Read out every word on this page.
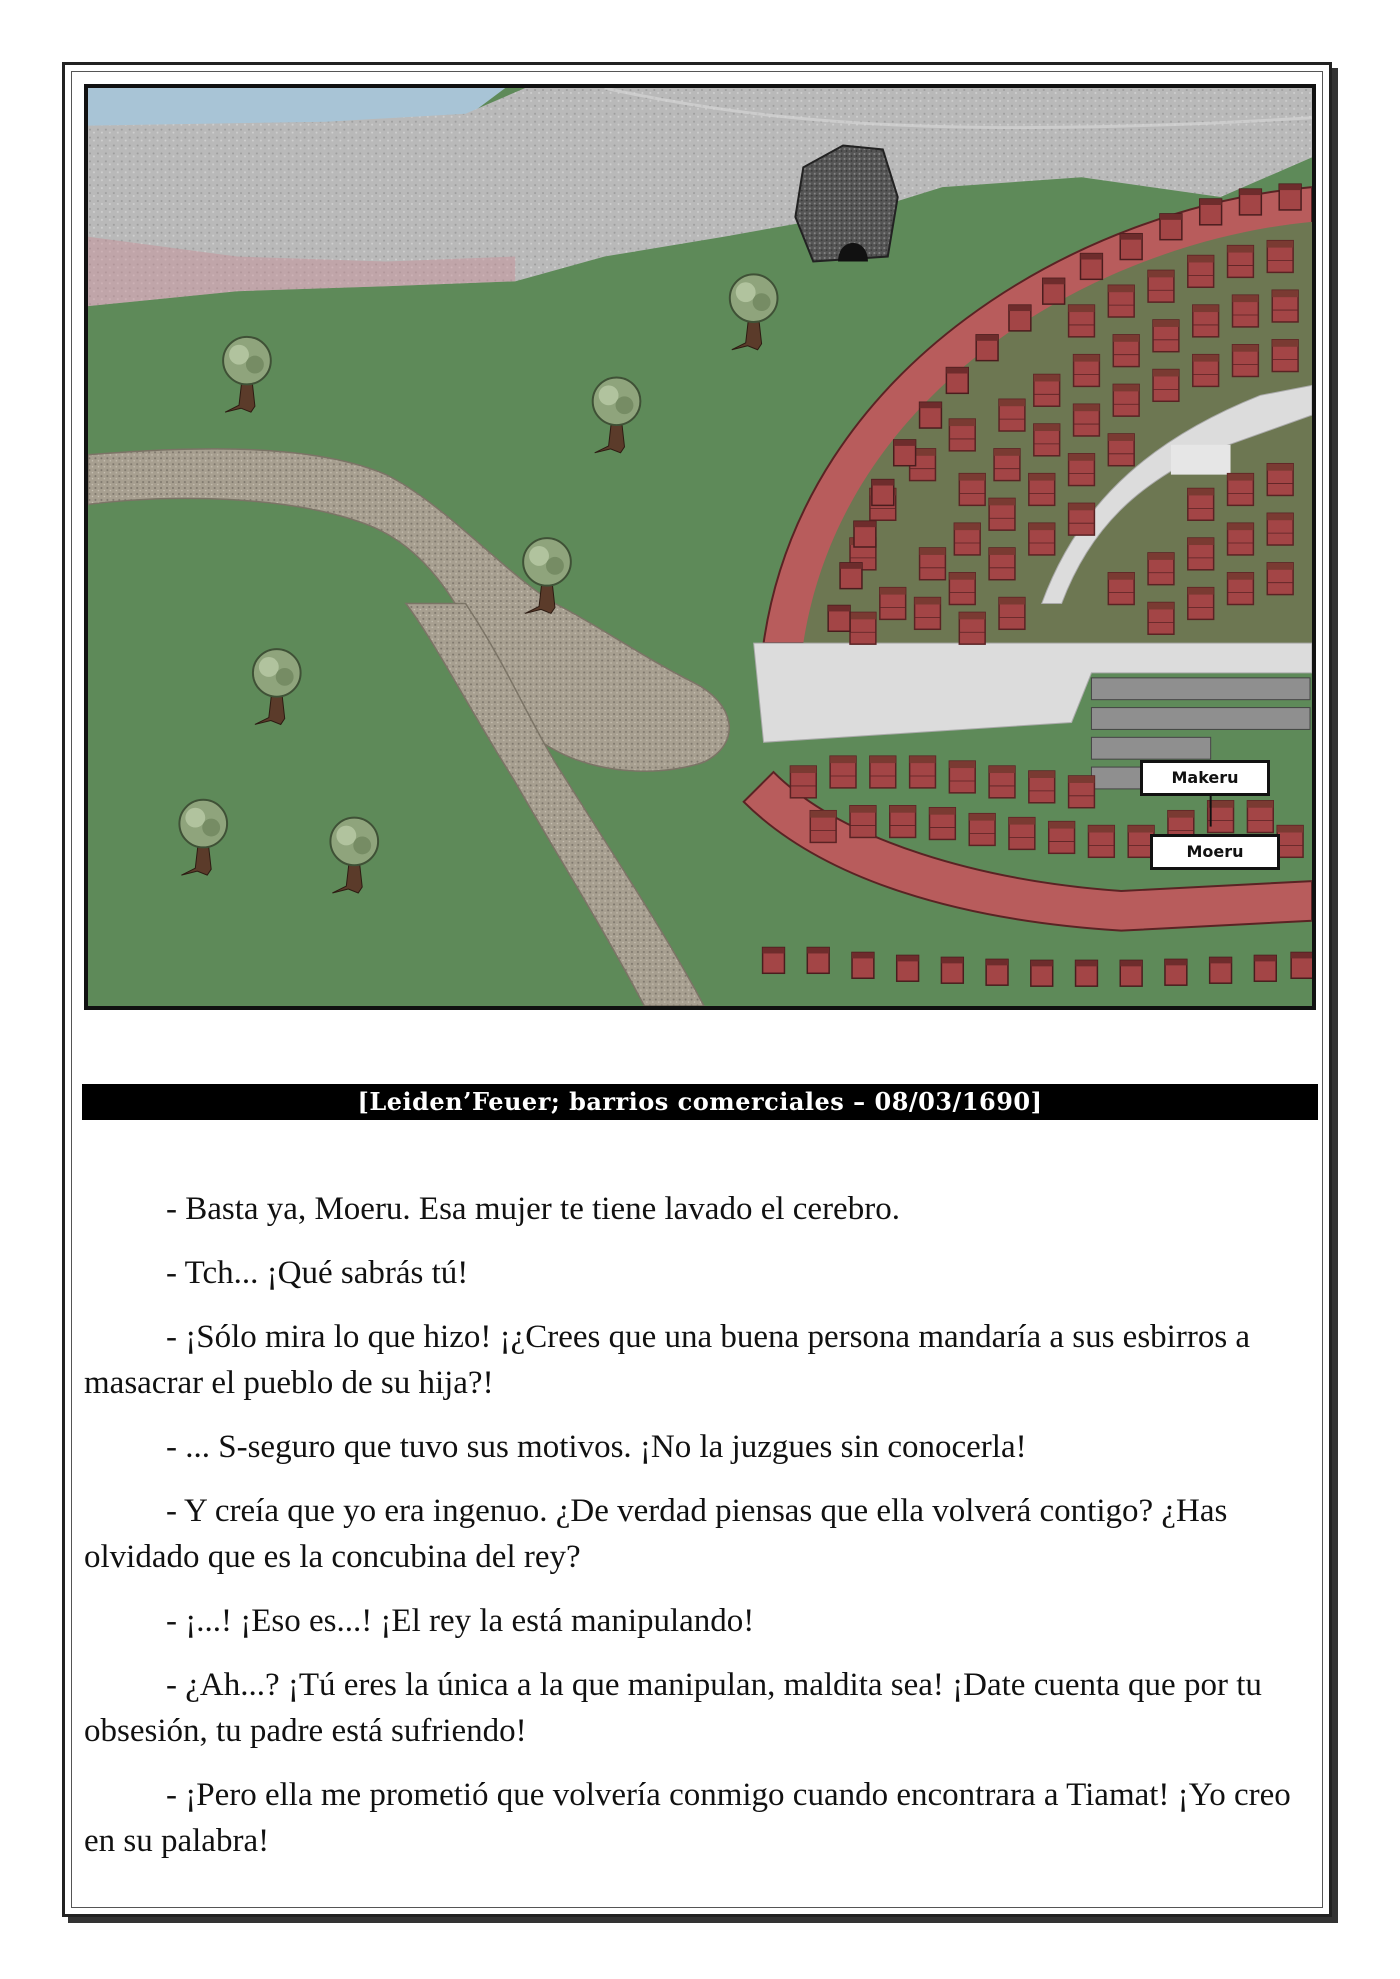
Makeru
Moeru
[Leiden’Feuer; barrios comerciales – 08/03/1690]

- Basta ya, Moeru. Esa mujer te tiene lavado el cerebro.

- Tch... ¡Qué sabrás tú!

- ¡Sólo mira lo que hizo! ¡¿Crees que una buena persona mandaría a sus esbirros a masacrar el pueblo de su hija?!

- ... S-seguro que tuvo sus motivos. ¡No la juzgues sin conocerla!

- Y creía que yo era ingenuo. ¿De verdad piensas que ella volverá contigo? ¿Has olvidado que es la concubina del rey?

- ¡...! ¡Eso es...! ¡El rey la está manipulando!

- ¿Ah...? ¡Tú eres la única a la que manipulan, maldita sea! ¡Date cuenta que por tu obsesión, tu padre está sufriendo!

- ¡Pero ella me prometió que volvería conmigo cuando encontrara a Tiamat! ¡Yo creo en su palabra!
